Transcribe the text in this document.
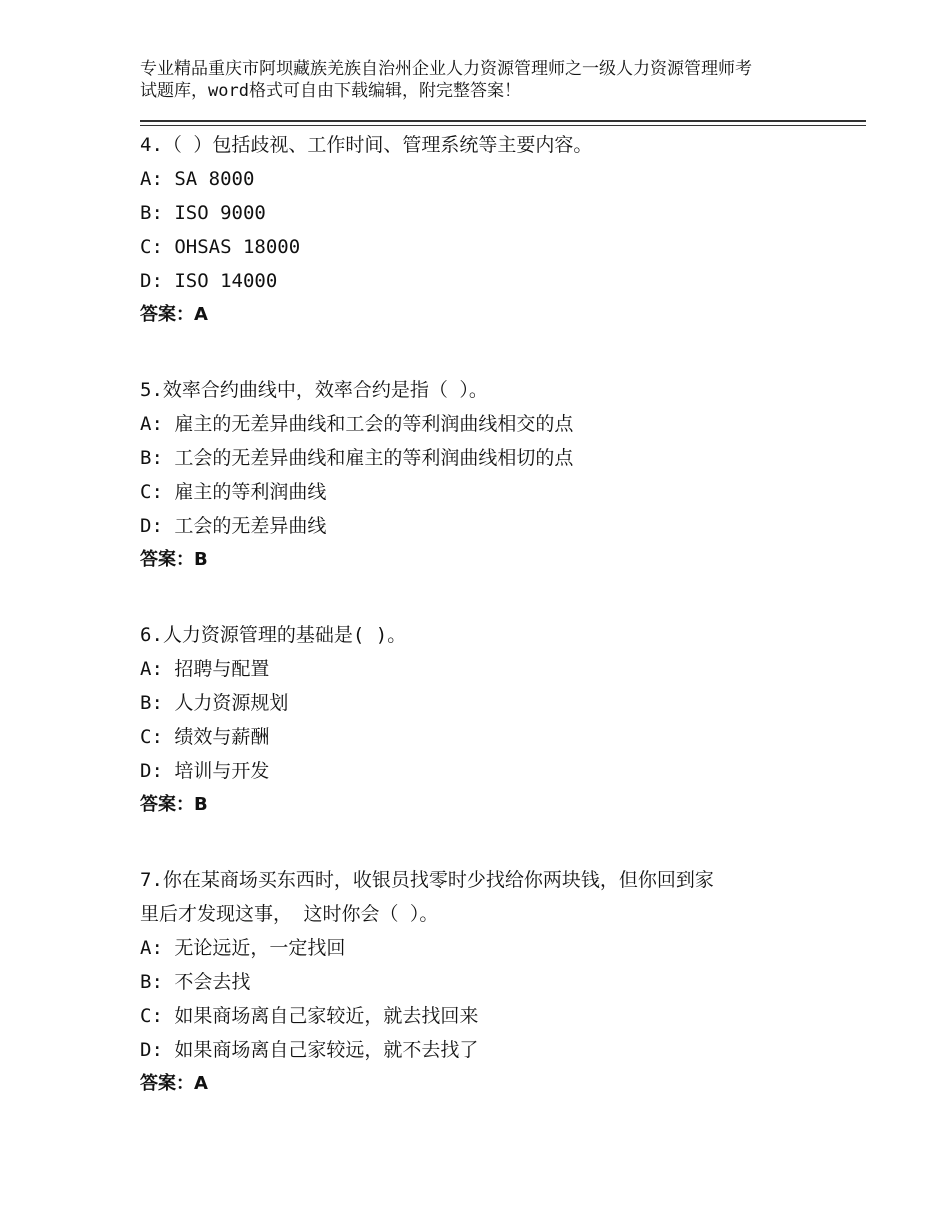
专业精品重庆市阿坝藏族羌族自治州企业人力资源管理师之一级人力资源管理师考
试题库，word格式可自由下载编辑，附完整答案！
4.（ ）包括歧视、工作时间、管理系统等主要内容。
A: SA 8000
B: ISO 9000
C: OHSAS 18000
D: ISO 14000
答案：A
5.效率合约曲线中，效率合约是指（ ）。
A: 雇主的无差异曲线和工会的等利润曲线相交的点
B: 工会的无差异曲线和雇主的等利润曲线相切的点
C: 雇主的等利润曲线
D: 工会的无差异曲线
答案：B
6.人力资源管理的基础是( )。
A: 招聘与配置
B: 人力资源规划
C: 绩效与薪酬
D: 培训与开发
答案：B
7.你在某商场买东西时，收银员找零时少找给你两块钱，但你回到家
里后才发现这事， 这时你会（ ）。
A: 无论远近，一定找回
B: 不会去找
C: 如果商场离自己家较近，就去找回来
D: 如果商场离自己家较远，就不去找了
答案：A
